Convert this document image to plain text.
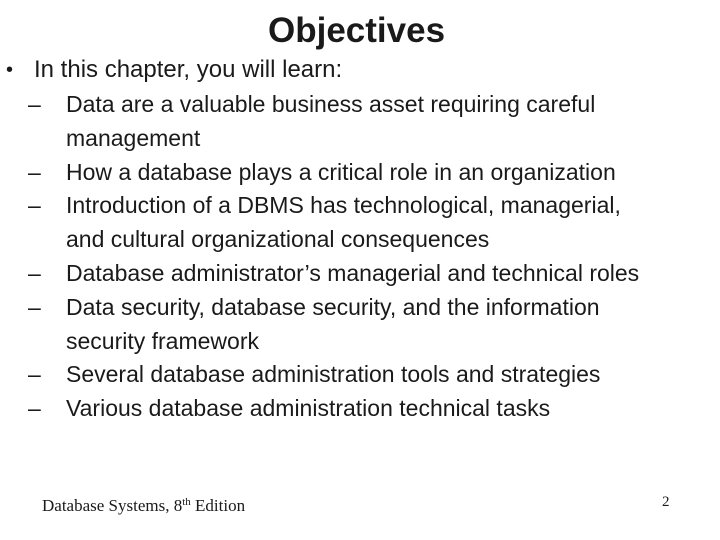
Objectives
• In this chapter, you will learn:
–	Data are a valuable business asset requiring careful
management
–	How a database plays a critical role in an organization
–	Introduction of a DBMS has technological, managerial,
and cultural organizational consequences
–	Database administrator’s managerial and technical roles
–	Data security, database security, and the information
security framework
–	Several database administration tools and strategies
–	Various database administration technical tasks
Database Systems, 8th Edition	2
